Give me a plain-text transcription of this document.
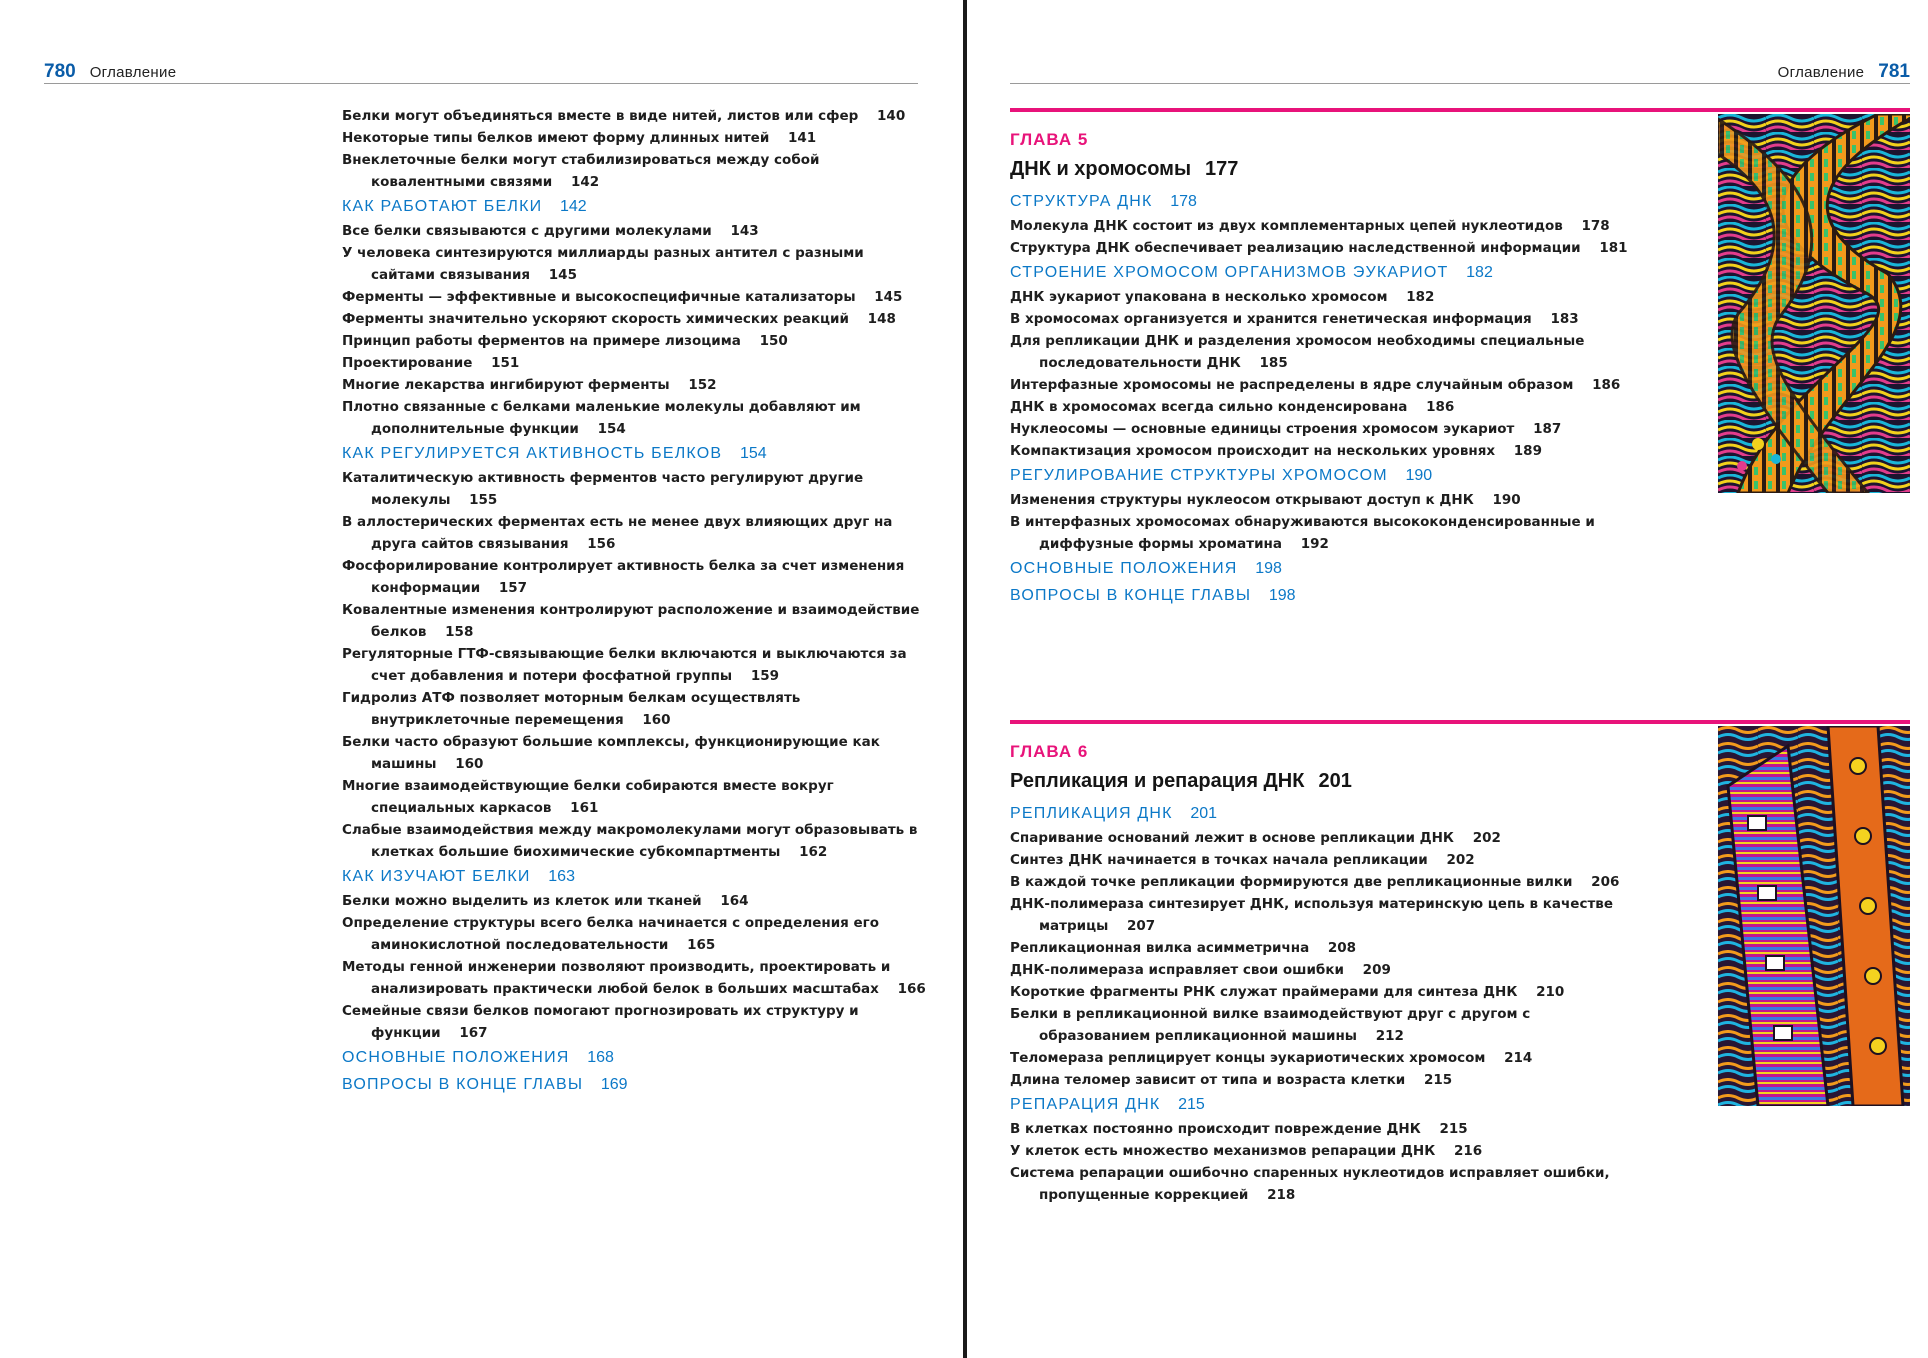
780 Оглавление
Белки могут объединяться вместе в виде нитей, листов или сфер 140
Некоторые типы белков имеют форму длинных нитей 141
Внеклеточные белки могут стабилизироваться между собой ковалентными связями 142
КАК РАБОТАЮТ БЕЛКИ 142
Все белки связываются с другими молекулами 143
У человека синтезируются миллиарды разных антител с разными сайтами связывания 145
Ферменты — эффективные и высокоспецифичные катализаторы 145
Ферменты значительно ускоряют скорость химических реакций 148
Принцип работы ферментов на примере лизоцима 150
Проектирование 151
Многие лекарства ингибируют ферменты 152
Плотно связанные с белками маленькие молекулы добавляют им дополнительные функции 154
КАК РЕГУЛИРУЕТСЯ АКТИВНОСТЬ БЕЛКОВ 154
Каталитическую активность ферментов часто регулируют другие молекулы 155
В аллостерических ферментах есть не менее двух влияющих друг на друга сайтов связывания 156
Фосфорилирование контролирует активность белка за счет изменения конформации 157
Ковалентные изменения контролируют расположение и взаимодействие белков 158
Регуляторные ГТФ-связывающие белки включаются и выключаются за счет добавления и потери фосфатной группы 159
Гидролиз АТФ позволяет моторным белкам осуществлять внутриклеточные перемещения 160
Белки часто образуют большие комплексы, функционирующие как машины 160
Многие взаимодействующие белки собираются вместе вокруг специальных каркасов 161
Слабые взаимодействия между макромолекулами могут образовывать в клетках большие биохимические субкомпартменты 162
КАК ИЗУЧАЮТ БЕЛКИ 163
Белки можно выделить из клеток или тканей 164
Определение структуры всего белка начинается с определения его аминокислотной последовательности 165
Методы генной инженерии позволяют производить, проектировать и анализировать практически любой белок в больших масштабах 166
Семейные связи белков помогают прогнозировать их структуру и функции 167
ОСНОВНЫЕ ПОЛОЖЕНИЯ 168
ВОПРОСЫ В КОНЦЕ ГЛАВЫ 169
Оглавление 781
ГЛАВА 5
ДНК и хромосомы 177
СТРУКТУРА ДНК 178
Молекула ДНК состоит из двух комплементарных цепей нуклеотидов 178
Структура ДНК обеспечивает реализацию наследственной информации 181
СТРОЕНИЕ ХРОМОСОМ ОРГАНИЗМОВ ЭУКАРИОТ 182
ДНК эукариот упакована в несколько хромосом 182
В хромосомах организуется и хранится генетическая информация 183
Для репликации ДНК и разделения хромосом необходимы специальные последовательности ДНК 185
Интерфазные хромосомы не распределены в ядре случайным образом 186
ДНК в хромосомах всегда сильно конденсирована 186
Нуклеосомы — основные единицы строения хромосом эукариот 187
Компактизация хромосом происходит на нескольких уровнях 189
РЕГУЛИРОВАНИЕ СТРУКТУРЫ ХРОМОСОМ 190
Изменения структуры нуклеосом открывают доступ к ДНК 190
В интерфазных хромосомах обнаруживаются высококонденсированные и диффузные формы хроматина 192
ОСНОВНЫЕ ПОЛОЖЕНИЯ 198
ВОПРОСЫ В КОНЦЕ ГЛАВЫ 198
ГЛАВА 6
Репликация и репарация ДНК 201
РЕПЛИКАЦИЯ ДНК 201
Спаривание оснований лежит в основе репликации ДНК 202
Синтез ДНК начинается в точках начала репликации 202
В каждой точке репликации формируются две репликационные вилки 206
ДНК-полимераза синтезирует ДНК, используя материнскую цепь в качестве матрицы 207
Репликационная вилка асимметрична 208
ДНК-полимераза исправляет свои ошибки 209
Короткие фрагменты РНК служат праймерами для синтеза ДНК 210
Белки в репликационной вилке взаимодействуют друг с другом с образованием репликационной машины 212
Теломераза реплицирует концы эукариотических хромосом 214
Длина теломер зависит от типа и возраста клетки 215
РЕПАРАЦИЯ ДНК 215
В клетках постоянно происходит повреждение ДНК 215
У клеток есть множество механизмов репарации ДНК 216
Система репарации ошибочно спаренных нуклеотидов исправляет ошибки, пропущенные коррекцией 218
